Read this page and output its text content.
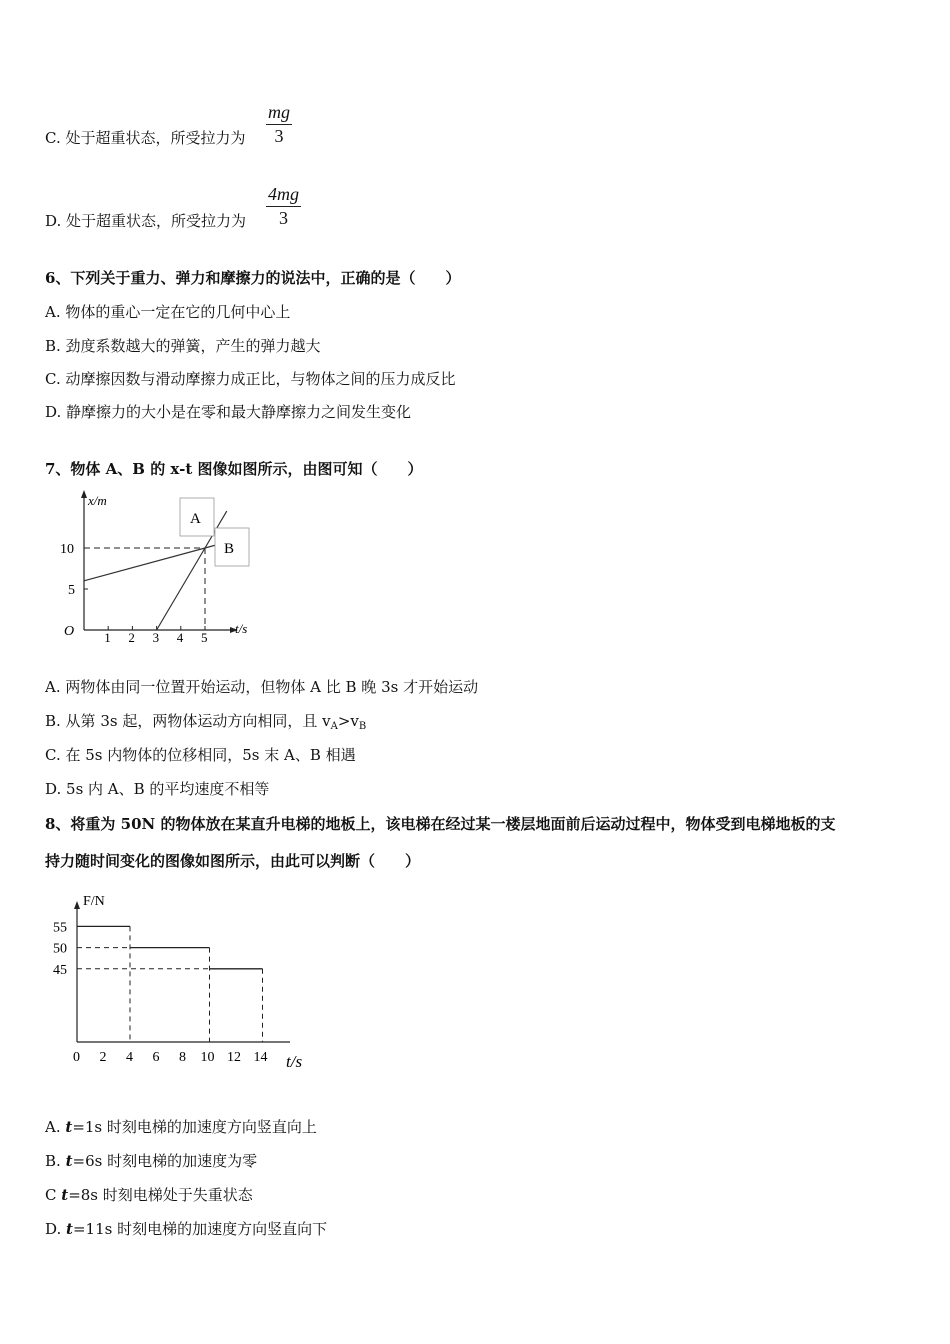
C. 处于超重状态，所受拉力为 $\frac{mg}{3}$
D. 处于超重状态，所受拉力为 $\frac{4mg}{3}$
6、下列关于重力、弹力和摩擦力的说法中，正确的是（　　）
A. 物体的重心一定在它的几何中心上
B. 劲度系数越大的弹簧，产生的弹力越大
C. 动摩擦因数与滑动摩擦力成正比，与物体之间的压力成反比
D. 静摩擦力的大小是在零和最大静摩擦力之间发生变化
7、物体 A、B 的 x-t 图像如图所示，由图可知（　　）
x/m
t/s
O 1 2 3 4 5
5
10
A
B
A. 两物体由同一位置开始运动，但物体 A 比 B 晚 3s 才开始运动
B. 从第 3s 起，两物体运动方向相同，且 $v_A>v_B$
C. 在 5s 内物体的位移相同，5s 末 A、B 相遇
D. 5s 内 A、B 的平均速度不相等
8、将重为 50N 的物体放在某直升电梯的地板上，该电梯在经过某一楼层地面前后运动过程中，物体受到电梯地板的支
持力随时间变化的图像如图所示，由此可以判断（　　）
F/N
t/s
0 2 4 6 8 10 12 14
55
50
45
A. t=1s 时刻电梯的加速度方向竖直向上
B. t=6s 时刻电梯的加速度为零
C t=8s 时刻电梯处于失重状态
D. t=11s 时刻电梯的加速度方向竖直向下
